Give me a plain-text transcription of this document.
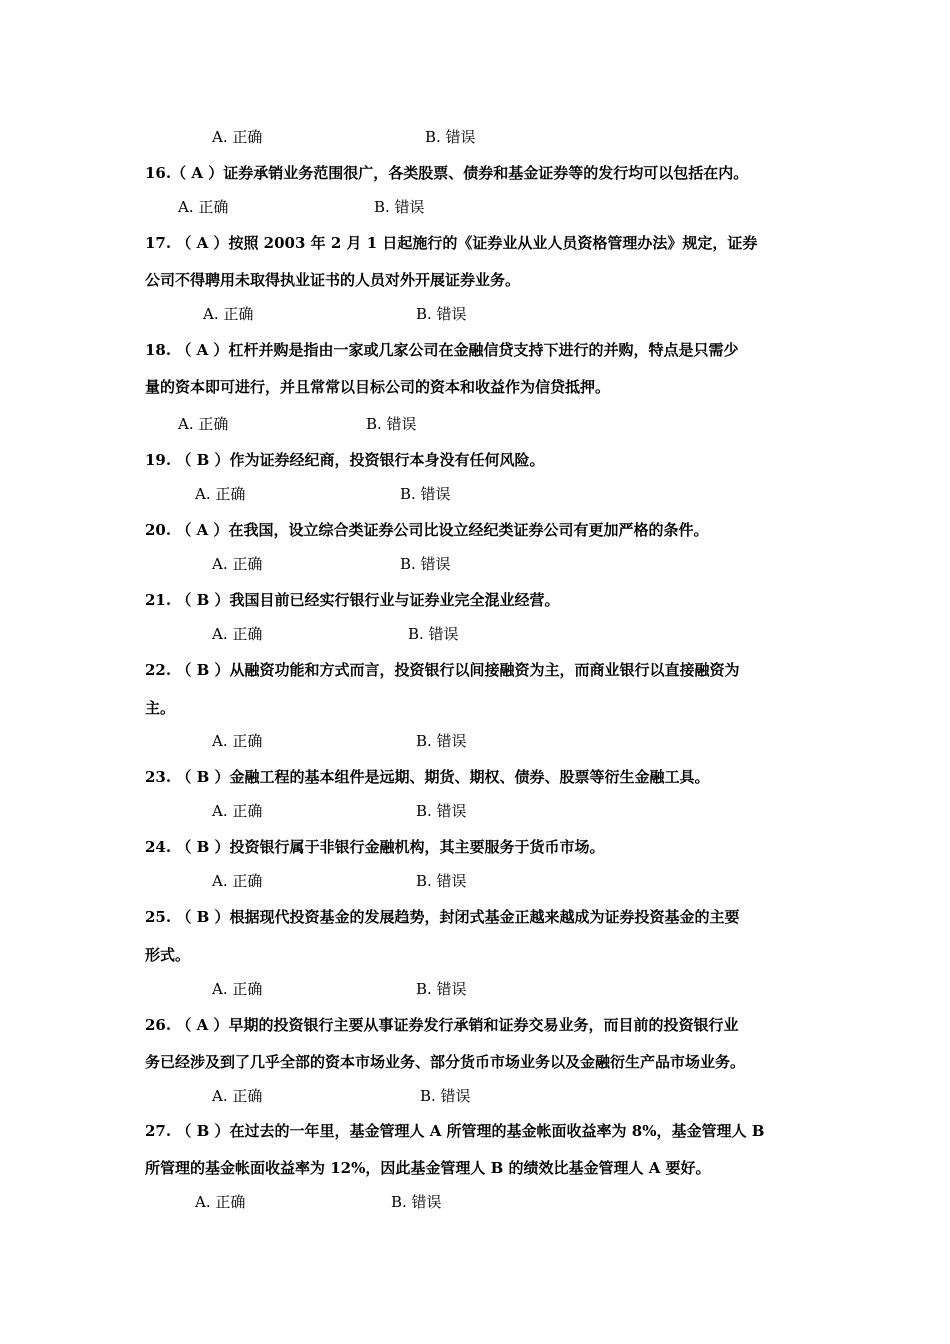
A. 正确	B. 错误
16.（ A ）证券承销业务范围很广，各类股票、债券和基金证券等的发行均可以包括在内。
A. 正确	B. 错误
17. （ A ）按照 2003 年 2 月 1 日起施行的《证券业从业人员资格管理办法》规定，证券
公司不得聘用未取得执业证书的人员对外开展证券业务。
A. 正确	B. 错误
18. （ A ）杠杆并购是指由一家或几家公司在金融信贷支持下进行的并购，特点是只需少
量的资本即可进行，并且常常以目标公司的资本和收益作为信贷抵押。
A. 正确	B. 错误
19. （ B ）作为证券经纪商，投资银行本身没有任何风险。
A. 正确	B. 错误
20. （ A ）在我国，设立综合类证券公司比设立经纪类证券公司有更加严格的条件。
A. 正确	B. 错误
21. （ B ）我国目前已经实行银行业与证券业完全混业经营。
A. 正确	B. 错误
22. （ B ）从融资功能和方式而言，投资银行以间接融资为主，而商业银行以直接融资为
主。
A. 正确	B. 错误
23. （ B ）金融工程的基本组件是远期、期货、期权、债券、股票等衍生金融工具。
A. 正确	B. 错误
24. （ B ）投资银行属于非银行金融机构，其主要服务于货币市场。
A. 正确	B. 错误
25. （ B ）根据现代投资基金的发展趋势，封闭式基金正越来越成为证券投资基金的主要
形式。
A. 正确	B. 错误
26. （ A ）早期的投资银行主要从事证券发行承销和证券交易业务，而目前的投资银行业
务已经涉及到了几乎全部的资本市场业务、部分货币市场业务以及金融衍生产品市场业务。
A. 正确	B. 错误
27. （ B ）在过去的一年里，基金管理人 A 所管理的基金帐面收益率为 8%，基金管理人 B
所管理的基金帐面收益率为 12%，因此基金管理人 B 的绩效比基金管理人 A 要好。
A. 正确	B. 错误
